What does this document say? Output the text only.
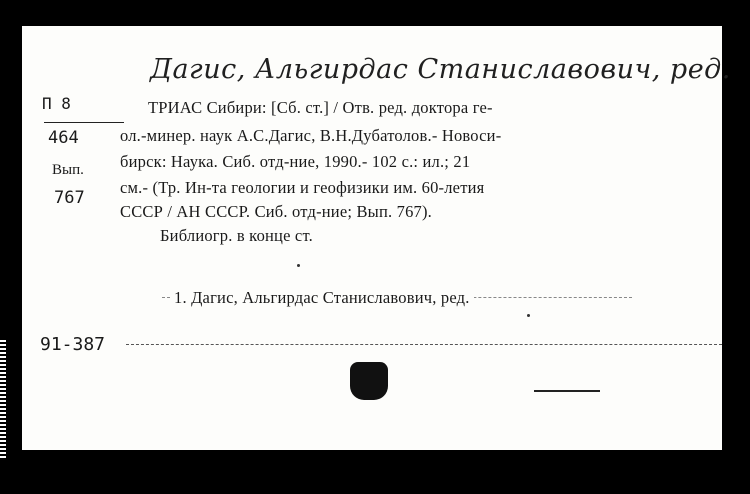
Дагис, Альгирдас Станиславович, ред.
П 8
464
Вып.
767
ТРИАС Сибири: [Сб. ст.] / Отв. ред. доктора ге-
ол.-минер. наук А.С.Дагис, В.Н.Дубатолов.- Новоси-
бирск: Наука. Сиб. отд-ние, 1990.- 102 с.: ил.; 21
см.- (Тр. Ин-та геологии и геофизики им. 60-летия
СССР / АН СССР. Сиб. отд-ние; Вып. 767).
Библиогр. в конце ст.
1. Дагис, Альгирдас Станиславович, ред.
91-387
